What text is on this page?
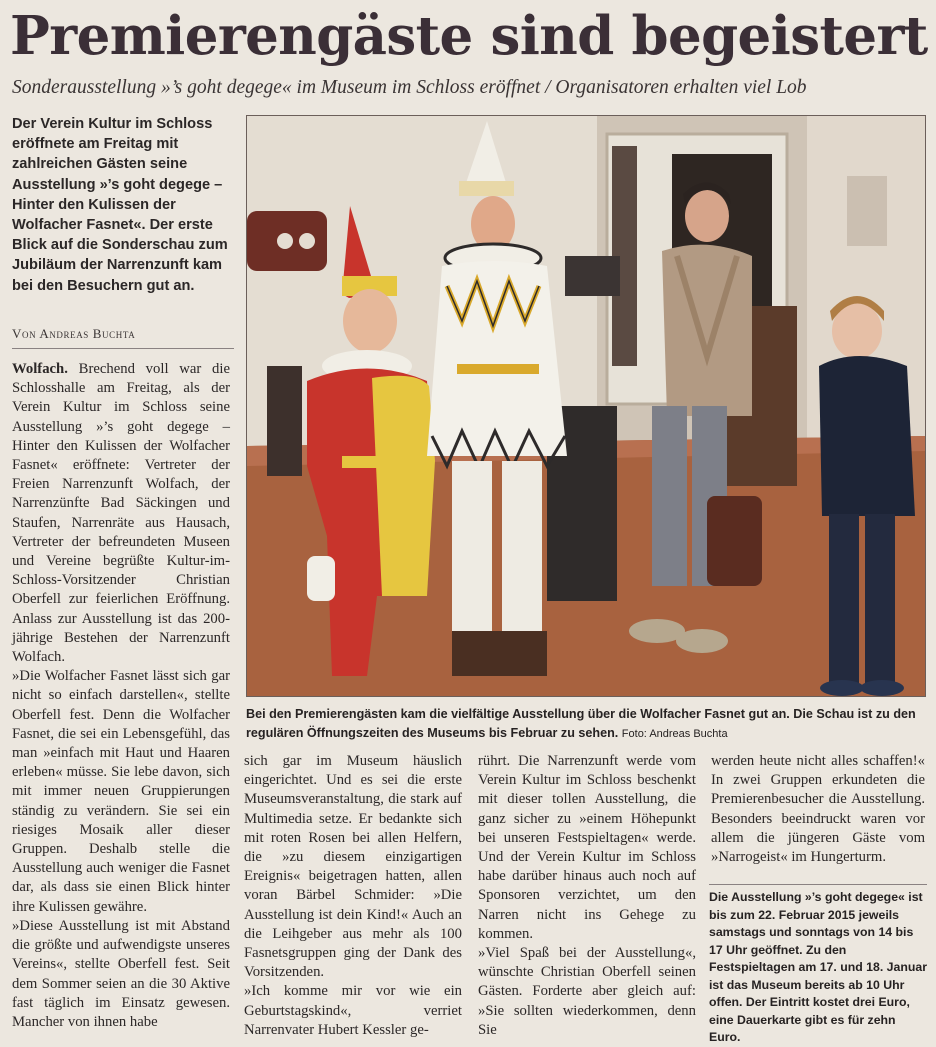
Premierengäste sind begeistert

Sonderausstellung »’s goht degege« im Museum im Schloss eröffnet / Organisatoren erhalten viel Lob

Der Verein Kultur im Schloss eröffnete am Freitag mit zahlreichen Gästen seine Ausstellung »’s goht degege – Hinter den Kulissen der Wolfacher Fasnet«. Der erste Blick auf die Sonderschau zum Jubiläum der Narrenzunft kam bei den Besuchern gut an.

Von Andreas Buchta

Wolfach. Brechend voll war die Schlosshalle am Freitag, als der Verein Kultur im Schloss seine Ausstellung »’s goht degege – Hinter den Kulissen der Wolfacher Fasnet« eröffnete: Vertreter der Freien Narrenzunft Wolfach, der Narrenzünfte Bad Säckingen und Staufen, Narrenräte aus Hausach, Vertreter der befreundeten Museen und Vereine begrüßte Kultur-im-Schloss-Vorsitzender Christian Oberfell zur feierlichen Eröffnung. Anlass zur Ausstellung ist das 200-jährige Bestehen der Narrenzunft Wolfach.

»Die Wolfacher Fasnet lässt sich gar nicht so einfach darstellen«, stellte Oberfell fest. Denn die Wolfacher Fasnet, die sei ein Lebensgefühl, das man »einfach mit Haut und Haaren erleben« müsse. Sie lebe davon, sich mit immer neuen Gruppierungen ständig zu verändern. Sie sei ein riesiges Mosaik aller dieser Gruppen. Deshalb stelle die Ausstellung auch weniger die Fasnet dar, als dass sie einen Blick hinter ihre Kulissen gewähre.

»Diese Ausstellung ist mit Abstand die größte und aufwendigste unseres Vereins«, stellte Oberfell fest. Seit dem Sommer seien an die 30 Aktive fast täglich im Einsatz gewesen. Mancher von ihnen habe

Bei den Premierengästen kam die vielfältige Ausstellung über die Wolfacher Fasnet gut an. Die Schau ist zu den regulären Öffnungszeiten des Museums bis Februar zu sehen. Foto: Andreas Buchta

sich gar im Museum häuslich eingerichtet. Und es sei die erste Museumsveranstaltung, die stark auf Multimedia setze. Er bedankte sich mit roten Rosen bei allen Helfern, die »zu diesem einzigartigen Ereignis« beigetragen hatten, allen voran Bärbel Schmider: »Die Ausstellung ist dein Kind!« Auch an die Leihgeber aus mehr als 100 Fasnetsgruppen ging der Dank des Vorsitzenden.

»Ich komme mir vor wie ein Geburtstagskind«, verriet Narrenvater Hubert Kessler ge-

rührt. Die Narrenzunft werde vom Verein Kultur im Schloss beschenkt mit dieser tollen Ausstellung, die ganz sicher zu »einem Höhepunkt bei unseren Festspieltagen« werde. Und der Verein Kultur im Schloss habe darüber hinaus auch noch auf Sponsoren verzichtet, um den Narren nicht ins Gehege zu kommen.

»Viel Spaß bei der Ausstellung«, wünschte Christian Oberfell seinen Gästen. Forderte aber gleich auf: »Sie sollten wiederkommen, denn Sie

werden heute nicht alles schaffen!« In zwei Gruppen erkundeten die Premierenbesucher die Ausstellung. Besonders beeindruckt waren vor allem die jüngeren Gäste vom »Narrogeist« im Hungerturm.

Die Ausstellung »’s goht degege« ist bis zum 22. Februar 2015 jeweils samstags und sonntags von 14 bis 17 Uhr geöffnet. Zu den Festspieltagen am 17. und 18. Januar ist das Museum bereits ab 10 Uhr offen. Der Eintritt kostet drei Euro, eine Dauerkarte gibt es für zehn Euro.
